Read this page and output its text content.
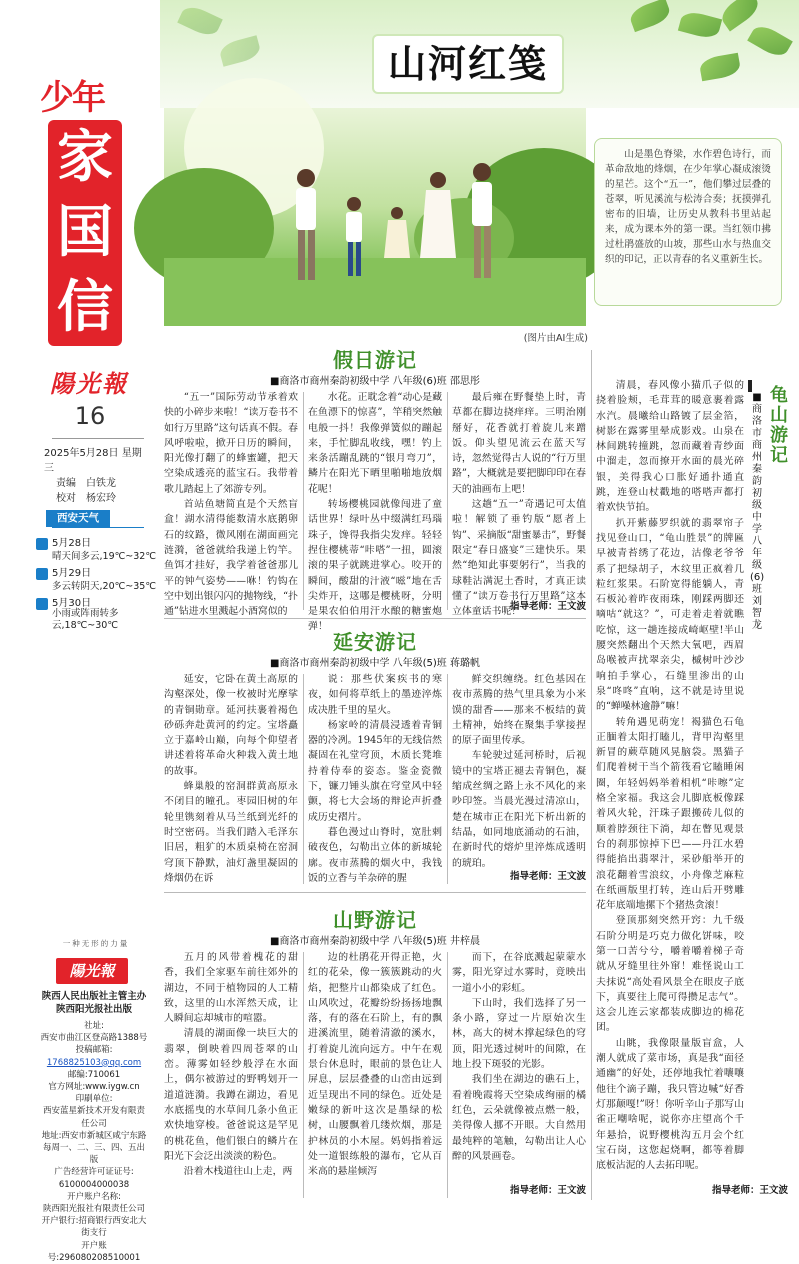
少年
家
国
信
陽光報
16
2025年5月28日 星期三
责编　白铁龙
校对　杨宏玲
西安天气
5月28日
晴天间多云,19℃~32℃
5月29日
多云转阴天,20℃~35℃
5月30日
小雨或阵雨转多云,18℃~30℃
一种无形的力量
陽光報
陕西人民出版社主管主办
陕西阳光报社出版
社址:
西安市曲江区登高路1388号
投稿邮箱:
1768825103@qq.com
邮编:710061
官方网址:www.iygw.cn
印刷单位:
西安蓝星新技术开发有限责任公司
地址:西安市新城区咸宁东路
每周一、二、三、四、五出版
广告经营许可证证号:
6100004000038
开户账户名称:
陕西阳光报社有限责任公司
开户银行:招商银行西安北大街支行
开户账号:296080208510001
山河红笺
(图片由AI生成)

山是墨色脊梁，水作碧色诗行，而革命敌地的烽烟，在少年掌心凝成滚烫的星芒。这个“五一”，他们攀过层叠的苍翠，听见溪流与松涛合奏；抚摸弹孔密布的旧墙，让历史从教科书里站起来，成为课本外的第一课。当红领巾拂过杜鹃盛放的山坡，那些山水与热血交织的印记，正以青春的名义重新生长。

假日游记
■商洛市商州秦韵初级中学 八年级(6)班 邵思彤

“五一”国际劳动节承着欢快的小碎步来啦！“读万卷书不如行万里路”这句话真不假。春风呼啦啦，掀开日历的瞬间，阳光像打翻了的蜂蜜罐，把天空染成透亮的蓝宝石。我带着歌儿踏起上了郊游专列。

首站鱼塘简直是个天然盲盒！湖水清得能数清水底鹅卵石的纹路，微风刚在湖面画完涟漪，爸爸就给我递上钓竿。鱼饵才挂好，我学着爸爸那儿平的钟气姿势——咻！钓钩在空中划出银闪闪的抛物线，“扑通”钻进水里溅起小酒窝似的

水花。正耽念着“动心是藏在鱼漂下的惊喜”，竿稍突然触电般一抖！我像弹簧似的蹦起来，手忙脚乱收线，嘿！钓上来条活蹦乱跳的“银月弯刀”，鳞片在阳光下晒里啪啪地放烟花呢！

转场樱桃园就像闯进了童话世界！绿叶丛中缀满红玛瑙珠子，馋得我指尖发痒。轻轻捏住樱桃蒂“咔嗒”一扭，圆滚滚的果子就跳进掌心。咬开的瞬间，酸甜的汁液“嗞”地在舌尖炸开，这哪是樱桃呀，分明是果农伯伯用汗水酿的糖蜜炮弹！

最后雍在野餐垫上时，青草都在脚边挠痒痒。三明治刚掰好，花香就打着旋儿来蹭饭。仰头望见流云在蓝天写诗，忽然觉得古人说的“行万里路”，大概就是要把脚印印在春天的油画布上吧！

这趟“五一”奇遇记可太值啦！解锁了垂钓版“愿者上钩”、采摘版“甜蜜暴击”，野餐限定“春日盛宴”三建快乐。果然“绝知此事要躬行”，当我的球鞋沾满泥土香时，才真正读懂了“读万卷书行万里路”这本立体童话书呢！

指导老师：王文波
延安游记
■商洛市商州秦韵初级中学 八年级(5)班 蒋璐帆

延安，它卧在黄土高原的沟壑深处，像一枚被时光摩挲的青铜勋章。延河扶裹着褐色砂砾奔赴黄河的约定。宝塔矗立于嘉岭山巅，向每个仰望者讲述着将革命火种栽入黄土地的故事。

蜂巢般的窑洞群黄高原永不闭目的瞳孔。枣园旧树的年轮里镌刻着从马兰纸到光纤的时空密码。当我们踏入毛泽东旧居，粗犷的木质桌椅在窑洞穹顶下静默，油灯盏里凝固的烽烟仍在诉

说：那些伏案疾书的寒夜，如何将草纸上的墨迹淬炼成决胜千里的星火。

杨家岭的清晨浸透着青铜器的冷冽。1945年的无线信然凝固在礼堂穹顶，木质长凳堆持着侍奉的姿态。鉴金瓷微下，镰刀锤头旗在穹堂风中轻颤，将七大会场的辩论声折叠成历史褶片。

暮色漫过山脊时，宽肚剌破夜色，勾勒出立体的新城轮廓。夜市蒸腾的烟火中，我钱饭的立香与羊杂碎的腥

鲜交织缠绕。红色基因在夜市蒸腾的热气里具象为小米馍的甜香——那来不板结的黄土精神，始终在聚集手掌接捏的原子面里传承。

车轮驶过延河桥时，后视镜中的宝塔正褪去青铜色，凝缩成丝绸之路上永不风化的来吵印签。当晨光漫过清凉山，楚在城市正在阳光下析出新的结晶，如同地底涌动的石油，在新时代的熔炉里淬炼成透明的琥珀。

指导老师：王文波
山野游记
■商洛市商州秦韵初级中学 八年级(5)班 井梓晨

五月的风带着槐花的甜香，我们全家驱车前往郊外的湖边，不同于植物园的人工精致，这里的山水浑然天成，让人瞬间忘却城市的喧嚣。

清晨的湖面像一块巨大的翡翠，倒映着四周苍翠的山峦。薄雾如轻纱般浮在水面上，偶尔被游过的野鸭划开一道道涟漪。我蹲在湖边，看见水底摇曳的水草间几条小鱼正欢快地穿梭。爸爸说这是罕见的桃花鱼，他们银白的鳞片在阳光下会泛出淡淡的粉色。

沿着木栈道往山上走，两

边的杜鹃花开得正艳，火红的花朵，像一簇簇跳动的火焰，把整片山都染成了红色。山风吹过，花瓣纷纷扬扬地飘落，有的落在石阶上，有的飘进溪流里，随着清澈的溪水，打着旋儿流向远方。中午在观景台休息时，眼前的景色让人屏息，层层叠叠的山峦由远到近呈现出不同的绿色。近处是嫩绿的新叶这次是墨绿的松树，山腰飘着几缕炊烟，那是护林员的小木屋。妈妈指着远处一道银练般的瀑布，它从百米高的悬崖倾泻

而下，在谷底溅起蒙蒙水雾，阳光穿过水雾时，竟映出一道小小的彩虹。

下山时，我们选择了另一条小路，穿过一片原始次生林，高大的树木撑起绿色的穹顶，阳光透过树叶的间隙，在地上投下斑驳的光影。

我们坐在湖边的礁石上，看着晚霞将天空染成绚丽的橘红色，云朵就像被点燃一般，美得像人挪不开眼。大自然用最纯粹的笔触，勾勒出让人心醉的风景画卷。

指导老师：王文波

清晨，春风像小猫爪子似的挠着脸颊，毛茸茸的暖意裹着露水汽。晨曦给山路镀了层金箔，树影在露雾里晕成影戏。山泉在林间跳转撞跳，忽而藏着青纱面中溜走，忽而撩开水面的晨光碎银，美得我心口胀好通扑通直跳，连登山杖戳地的嗒嗒声都打着欢快节拍。

扒开紫藤罗织就的翡翠帘子找见登山口，“龟山胜景”的牌匾早被青苔绣了花边，沽像老爷爷系了把绿胡子，木纹里正疯着几粒红浆果。石阶宽得能躺人，青石板沁着昨夜雨珠，刚踩两脚还嘀咕“就这？”，可走着走着就瞧吃惊，这一趟连接成崎岖壁!半山腰突然翻出个天然大氧吧，西眉岛喉被声扰翠亲尖，槭树叶沙沙响拍手掌心，石缝里渗出的山泉“咚咚”直响，这不就是诗里说的“蝉噪林逾静”嘛！

转角遇见萌宠！褐猫色石龟正腼着太阳打瞌儿，背甲沟壑里新冒的蕨草随风晃脑袋。黑猫子们爬着树干当个箭筏看它瞌睡闲圈，年轻妈妈举着相机“咔嚓”定格全家福。我这会儿脚底板像踩着风火轮，汗珠子跟搬砖儿似的顺着脖颈往下淌，却在瞥见观景台的刹那惊掉下巴——丹江水碧得能掐出翡翠汁，采砂船举开的浪花翻着雪浪纹，小舟像芝麻粒在纸画版里打转，连山后开劈雕花年底端地摞下个猪热贪滚！

登顶那刻突然开窍：九千级石阶分明是巧克力做化饼味，咬第一口苦兮兮，嚼着嚼着梯子奇就从牙缝里往外窜！难怪说山工夫抹说“高处看风景全在眼皮子底下，真要往上爬可得攒足志气”。这会儿连云家都装成脚边的棉花团。

山眺，我像限量版盲盒，人潮人就成了菜市场，真是我“面径通幽”的好处，还停地我忙着嚷嚷他往个滴子蹦，我只管边喊“好香灯那颠嘎!”呀！你听辛山子那写山雀正嘲啥呢，说你亦庄望高个千年悬拾，说野樱桃沟五月会个红宝石岗，这您起烧啊，都等着脚底板沾泥的人去拓印呢。

龟山游记
■商洛市商州秦韵初级中学 八年级(6)班 刘智龙
指导老师：王文波
